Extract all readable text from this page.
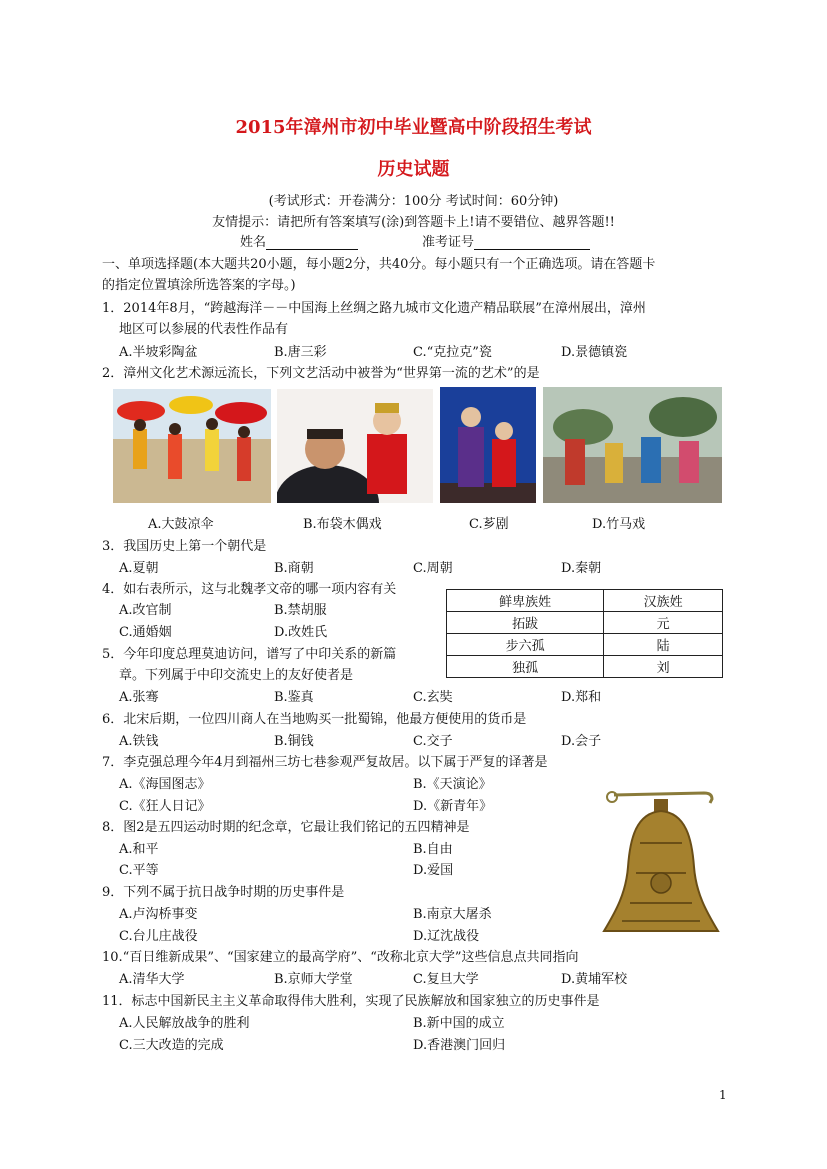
2015年漳州市初中毕业暨高中阶段招生考试
历史试题
(考试形式：开卷满分：100分 考试时间：60分钟)
友情提示：请把所有答案填写(涂)到答题卡上!请不要错位、越界答题!!
姓名	准考证号
一、单项选择题(本大题共20小题，每小题2分，共40分。每小题只有一个正确选项。请在答题卡
的指定位置填涂所选答案的字母。)
1．2014年8月，“跨越海洋－－中国海上丝绸之路九城市文化遗产精品联展”在漳州展出，漳州
地区可以参展的代表性作品有
A.半坡彩陶盆	B.唐三彩	C.“克拉克”瓷	D.景德镇瓷
2．漳州文化艺术源远流长，下列文艺活动中被誉为“世界第一流的艺术”的是
A.大鼓凉伞	B.布袋木偶戏	C.芗剧	D.竹马戏
3．我国历史上第一个朝代是
A.夏朝	B.商朝	C.周朝	D.秦朝
4．如右表所示，这与北魏孝文帝的哪一项内容有关
A.改官制	B.禁胡服
C.通婚姻	D.改姓氏
鲜卑族姓	汉族姓
拓跋	元
步六孤	陆
独孤	刘
5．今年印度总理莫迪访问，谱写了中印关系的新篇
章。下列属于中印交流史上的友好使者是
A.张骞	B.鉴真	C.玄奘	D.郑和
6．北宋后期，一位四川商人在当地购买一批蜀锦，他最方便使用的货币是
A.铁钱	B.铜钱	C.交子	D.会子
7．李克强总理今年4月到福州三坊七巷参观严复故居。以下属于严复的译著是
A.《海国图志》	B.《天演论》
C.《狂人日记》	D.《新青年》
8．图2是五四运动时期的纪念章，它最让我们铭记的五四精神是
A.和平	B.自由
C.平等	D.爱国
9．下列不属于抗日战争时期的历史事件是
A.卢沟桥事变	B.南京大屠杀
C.台儿庄战役	D.辽沈战役
10.“百日维新成果”、“国家建立的最高学府”、“改称北京大学”这些信息点共同指向
A.清华大学	B.京师大学堂	C.复旦大学	D.黄埔军校
11．标志中国新民主主义革命取得伟大胜利，实现了民族解放和国家独立的历史事件是
A.人民解放战争的胜利	B.新中国的成立
C.三大改造的完成	D.香港澳门回归
1
